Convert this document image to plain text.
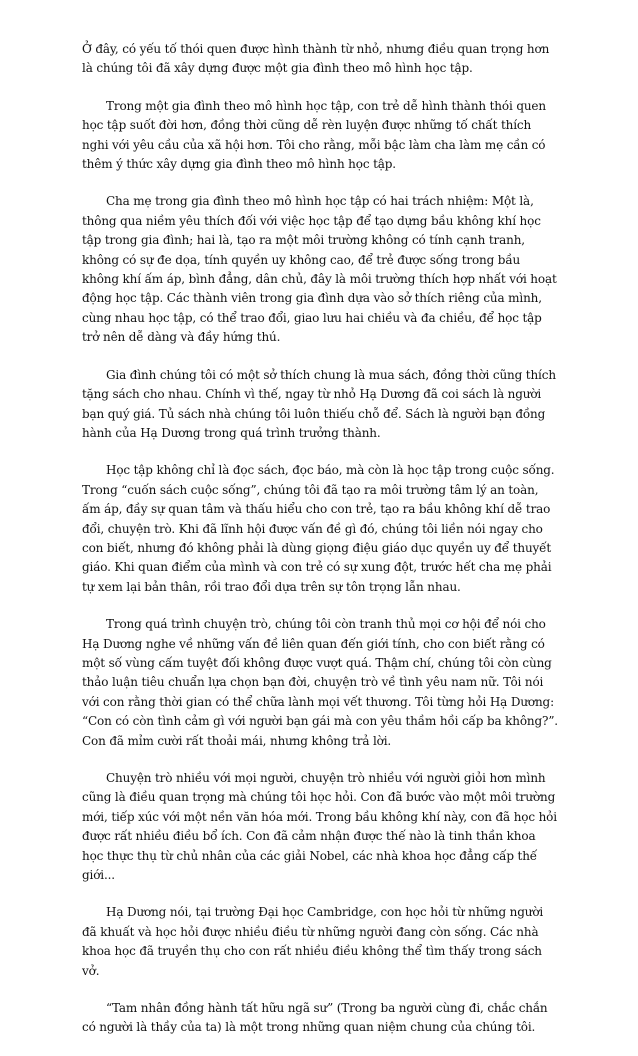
Ở đây, có yếu tố thói quen được hình thành từ nhỏ, nhưng điều quan trọng hơn là chúng tôi đã xây dựng được một gia đình theo mô hình học tập.

Trong một gia đình theo mô hình học tập, con trẻ dễ hình thành thói quen học tập suốt đời hơn, đồng thời cũng dễ rèn luyện được những tố chất thích nghi với yêu cầu của xã hội hơn. Tôi cho rằng, mỗi bậc làm cha làm mẹ cần có thêm ý thức xây dựng gia đình theo mô hình học tập.

Cha mẹ trong gia đình theo mô hình học tập có hai trách nhiệm: Một là, thông qua niềm yêu thích đối với việc học tập để tạo dựng bầu không khí học tập trong gia đình; hai là, tạo ra một môi trường không có tính cạnh tranh, không có sự đe dọa, tính quyền uy không cao, để trẻ được sống trong bầu không khí ấm áp, bình đẳng, dân chủ, đây là môi trường thích hợp nhất với hoạt động học tập. Các thành viên trong gia đình dựa vào sở thích riêng của mình, cùng nhau học tập, có thể trao đổi, giao lưu hai chiều và đa chiều, để học tập trở nên dễ dàng và đầy hứng thú.

Gia đình chúng tôi có một sở thích chung là mua sách, đồng thời cũng thích tặng sách cho nhau. Chính vì thế, ngay từ nhỏ Hạ Dương đã coi sách là người bạn quý giá. Tủ sách nhà chúng tôi luôn thiếu chỗ để. Sách là người bạn đồng hành của Hạ Dương trong quá trình trưởng thành.

Học tập không chỉ là đọc sách, đọc báo, mà còn là học tập trong cuộc sống. Trong “cuốn sách cuộc sống”, chúng tôi đã tạo ra môi trường tâm lý an toàn, ấm áp, đầy sự quan tâm và thấu hiểu cho con trẻ, tạo ra bầu không khí dễ trao đổi, chuyện trò. Khi đã lĩnh hội được vấn đề gì đó, chúng tôi liền nói ngay cho con biết, nhưng đó không phải là dùng giọng điệu giáo dục quyền uy để thuyết giáo. Khi quan điểm của mình và con trẻ có sự xung đột, trước hết cha mẹ phải tự xem lại bản thân, rồi trao đổi dựa trên sự tôn trọng lẫn nhau.

Trong quá trình chuyện trò, chúng tôi còn tranh thủ mọi cơ hội để nói cho Hạ Dương nghe về những vấn đề liên quan đến giới tính, cho con biết rằng có một số vùng cấm tuyệt đối không được vượt quá. Thậm chí, chúng tôi còn cùng thảo luận tiêu chuẩn lựa chọn bạn đời, chuyện trò về tình yêu nam nữ. Tôi nói với con rằng thời gian có thể chữa lành mọi vết thương. Tôi từng hỏi Hạ Dương: “Con có còn tình cảm gì với người bạn gái mà con yêu thầm hồi cấp ba không?”. Con đã mỉm cười rất thoải mái, nhưng không trả lời.

Chuyện trò nhiều với mọi người, chuyện trò nhiều với người giỏi hơn mình cũng là điều quan trọng mà chúng tôi học hỏi. Con đã bước vào một môi trường mới, tiếp xúc với một nền văn hóa mới. Trong bầu không khí này, con đã học hỏi được rất nhiều điều bổ ích. Con đã cảm nhận được thế nào là tinh thần khoa học thực thụ từ chủ nhân của các giải Nobel, các nhà khoa học đẳng cấp thế giới...

Hạ Dương nói, tại trường Đại học Cambridge, con học hỏi từ những người đã khuất và học hỏi được nhiều điều từ những người đang còn sống. Các nhà khoa học đã truyền thụ cho con rất nhiều điều không thể tìm thấy trong sách vở.

“Tam nhân đồng hành tất hữu ngã sư” (Trong ba người cùng đi, chắc chắn có người là thầy của ta) là một trong những quan niệm chung của chúng tôi.
